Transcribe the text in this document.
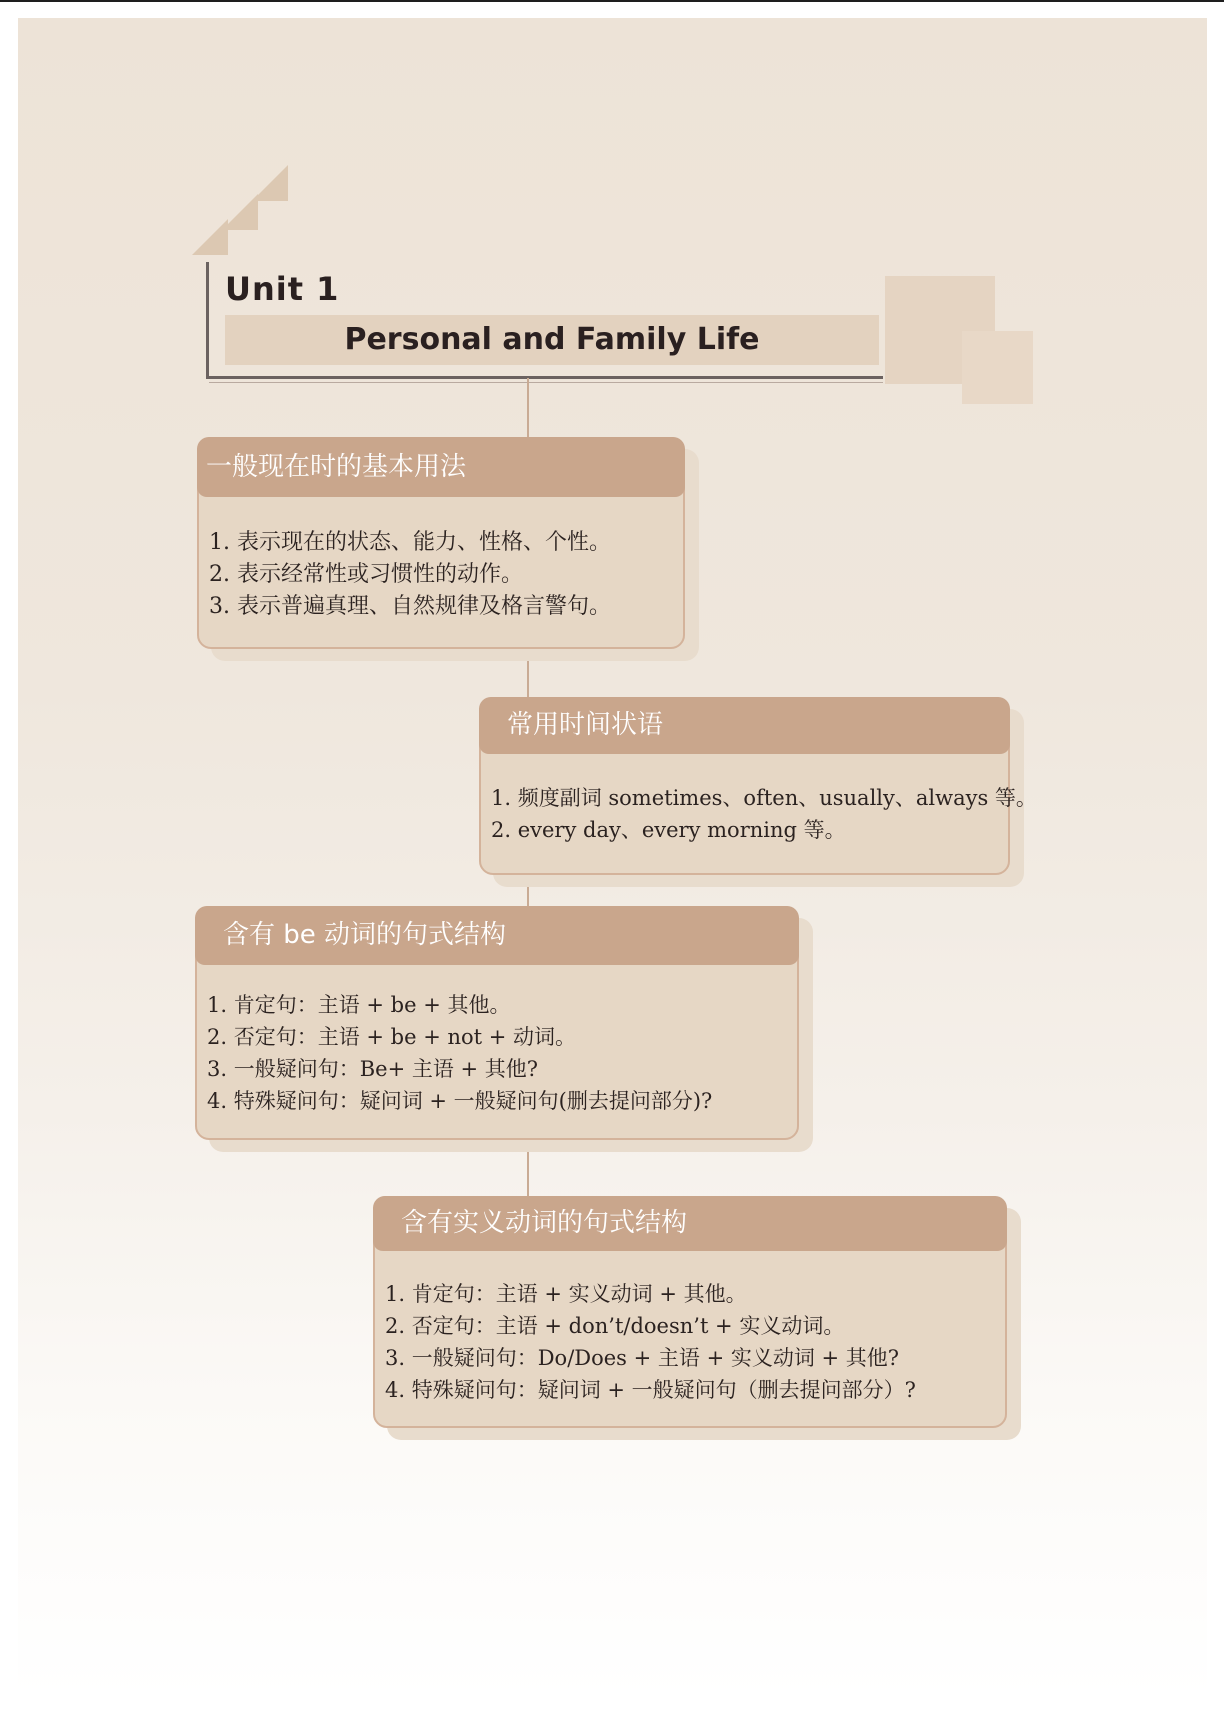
Unit 1
Personal and Family Life
一般现在时的基本用法
1. 表示现在的状态、能力、性格、个性。
2. 表示经常性或习惯性的动作。
3. 表示普遍真理、自然规律及格言警句。
常用时间状语
1. 频度副词 sometimes、often、usually、always 等。
2. every day、every morning 等。
含有 be 动词的句式结构
1. 肯定句：主语 + be + 其他。
2. 否定句：主语 + be + not + 动词。
3. 一般疑问句：Be+ 主语 + 其他?
4. 特殊疑问句：疑问词 + 一般疑问句(删去提问部分)?
含有实义动词的句式结构
1. 肯定句：主语 + 实义动词 + 其他。
2. 否定句：主语 + don’t/doesn’t + 实义动词。
3. 一般疑问句：Do/Does + 主语 + 实义动词 + 其他?
4. 特殊疑问句：疑问词 + 一般疑问句（删去提问部分）?
